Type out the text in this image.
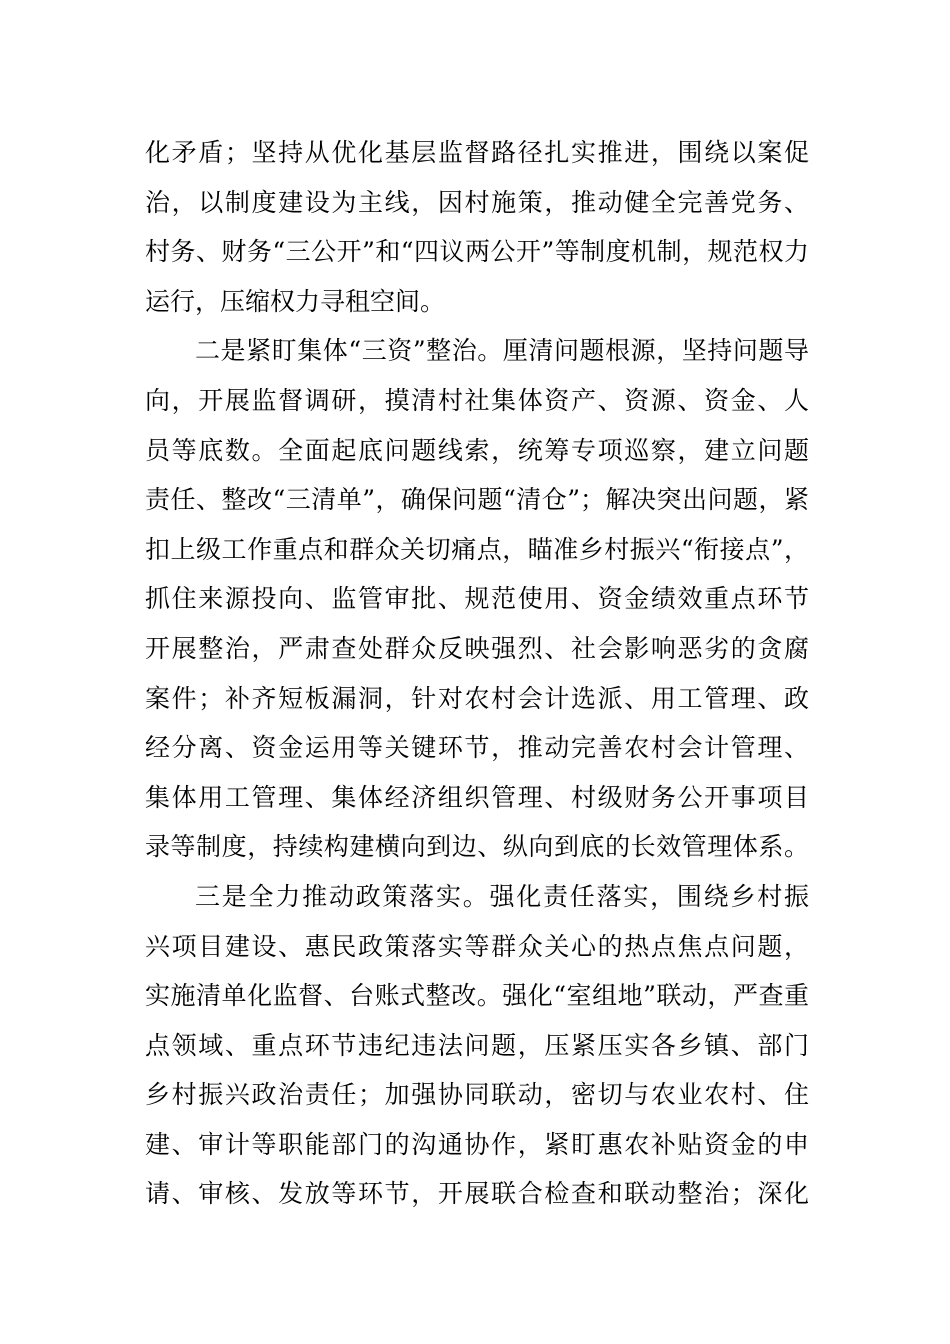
化矛盾；坚持从优化基层监督路径扎实推进，围绕以案促
治，以制度建设为主线，因村施策，推动健全完善党务、
村务、财务“三公开”和“四议两公开”等制度机制，规范权力
运行，压缩权力寻租空间。
二是紧盯集体“三资”整治。厘清问题根源，坚持问题导
向，开展监督调研，摸清村社集体资产、资源、资金、人
员等底数。全面起底问题线索，统筹专项巡察，建立问题
责任、整改“三清单”，确保问题“清仓”；解决突出问题，紧
扣上级工作重点和群众关切痛点，瞄准乡村振兴“衔接点”，
抓住来源投向、监管审批、规范使用、资金绩效重点环节
开展整治，严肃查处群众反映强烈、社会影响恶劣的贪腐
案件；补齐短板漏洞，针对农村会计选派、用工管理、政
经分离、资金运用等关键环节，推动完善农村会计管理、
集体用工管理、集体经济组织管理、村级财务公开事项目
录等制度，持续构建横向到边、纵向到底的长效管理体系。
三是全力推动政策落实。强化责任落实，围绕乡村振
兴项目建设、惠民政策落实等群众关心的热点焦点问题，
实施清单化监督、台账式整改。强化“室组地”联动，严查重
点领域、重点环节违纪违法问题，压紧压实各乡镇、部门
乡村振兴政治责任；加强协同联动，密切与农业农村、住
建、审计等职能部门的沟通协作，紧盯惠农补贴资金的申
请、审核、发放等环节，开展联合检查和联动整治；深化
